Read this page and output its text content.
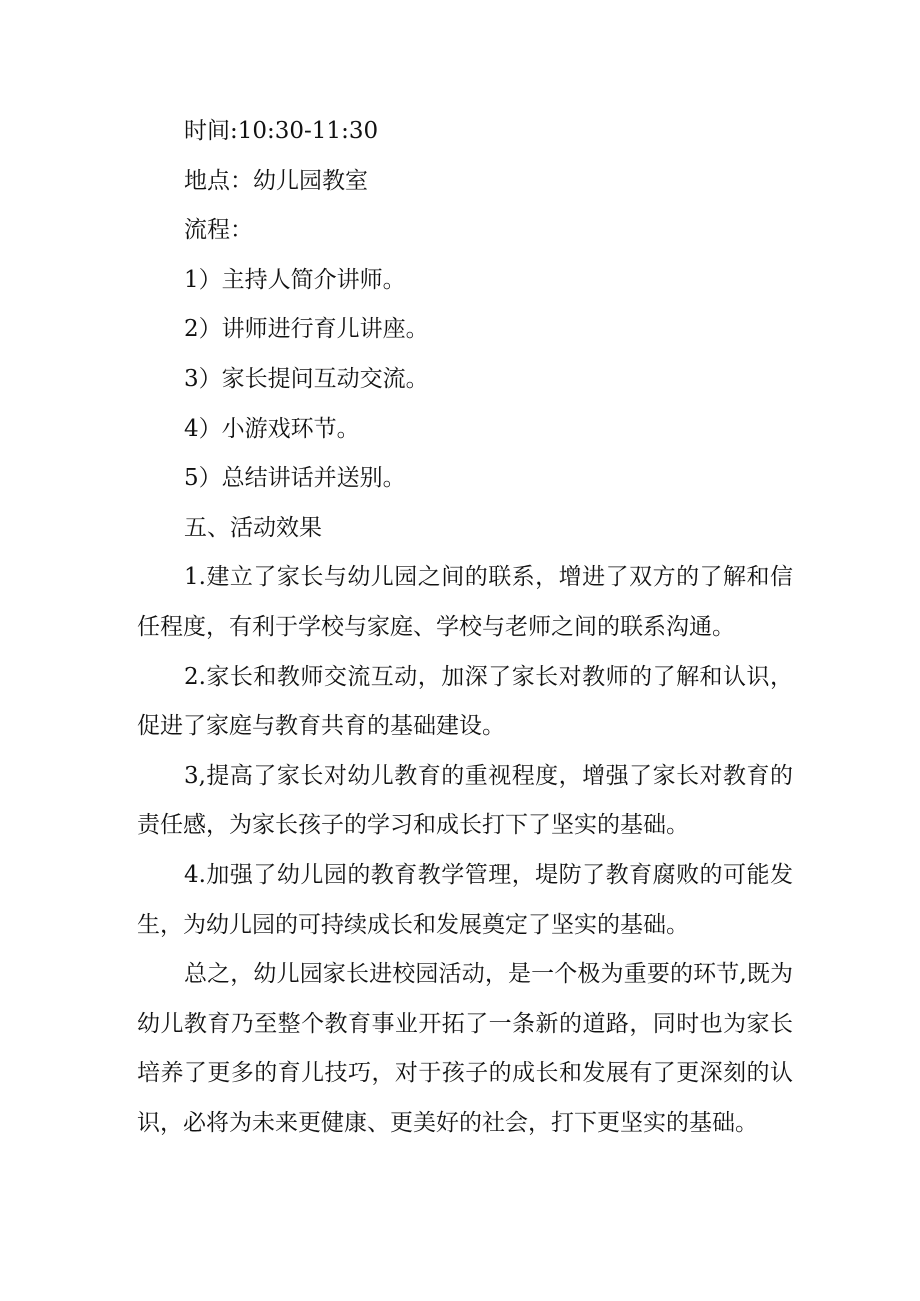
时间:10:30-11:30

地点：幼儿园教室

流程：

1）主持人简介讲师。

2）讲师进行育儿讲座。

3）家长提问互动交流。

4）小游戏环节。

5）总结讲话并送别。

五、活动效果

1.建立了家长与幼儿园之间的联系，增进了双方的了解和信任程度，有利于学校与家庭、学校与老师之间的联系沟通。

2.家长和教师交流互动，加深了家长对教师的了解和认识，促进了家庭与教育共育的基础建设。

3,提高了家长对幼儿教育的重视程度，增强了家长对教育的责任感，为家长孩子的学习和成长打下了坚实的基础。

4.加强了幼儿园的教育教学管理，堤防了教育腐败的可能发生，为幼儿园的可持续成长和发展奠定了坚实的基础。

总之，幼儿园家长进校园活动，是一个极为重要的环节,既为幼儿教育乃至整个教育事业开拓了一条新的道路，同时也为家长培养了更多的育儿技巧，对于孩子的成长和发展有了更深刻的认识，必将为未来更健康、更美好的社会，打下更坚实的基础。
